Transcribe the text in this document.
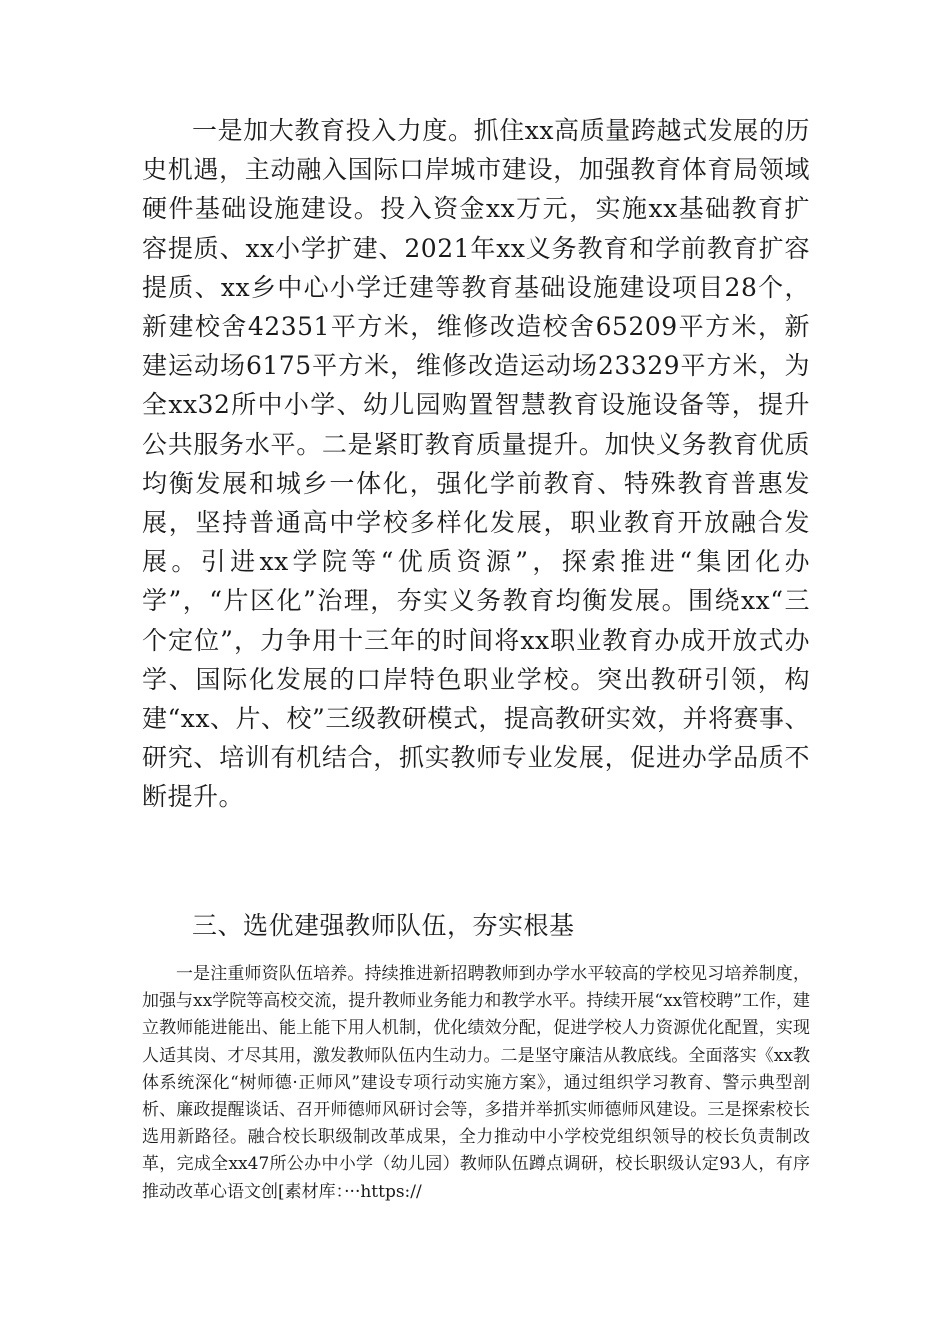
一是加大教育投入力度。抓住xx高质量跨越式发展的历史机遇，主动融入国际口岸城市建设，加强教育体育局领域硬件基础设施建设。投入资金xx万元，实施xx基础教育扩容提质、xx小学扩建、2021年xx义务教育和学前教育扩容提质、xx乡中心小学迁建等教育基础设施建设项目28个，新建校舍42351平方米，维修改造校舍65209平方米，新建运动场6175平方米，维修改造运动场23329平方米，为全xx32所中小学、幼儿园购置智慧教育设施设备等，提升公共服务水平。二是紧盯教育质量提升。加快义务教育优质均衡发展和城乡一体化，强化学前教育、特殊教育普惠发展，坚持普通高中学校多样化发展，职业教育开放融合发展。引进xx学院等“优质资源”，探索推进“集团化办学”，“片区化”治理，夯实义务教育均衡发展。围绕xx“三个定位”，力争用十三年的时间将xx职业教育办成开放式办学、国际化发展的口岸特色职业学校。突出教研引领，构建“xx、片、校”三级教研模式，提高教研实效，并将赛事、研究、培训有机结合，抓实教师专业发展，促进办学品质不断提升。

三、选优建强教师队伍，夯实根基

一是注重师资队伍培养。持续推进新招聘教师到办学水平较高的学校见习培养制度，加强与xx学院等高校交流，提升教师业务能力和教学水平。持续开展“xx管校聘”工作，建立教师能进能出、能上能下用人机制，优化绩效分配，促进学校人力资源优化配置，实现人适其岗、才尽其用，激发教师队伍内生动力。二是坚守廉洁从教底线。全面落实《xx教体系统深化“树师德·正师风”建设专项行动实施方案》，通过组织学习教育、警示典型剖析、廉政提醒谈话、召开师德师风研讨会等，多措并举抓实师德师风建设。三是探索校长选用新路径。融合校长职级制改革成果，全力推动中小学校党组织领导的校长负责制改革，完成全xx47所公办中小学（幼儿园）教师队伍蹲点调研，校长职级认定93人，有序推动改革心语文创[素材库：···https://
